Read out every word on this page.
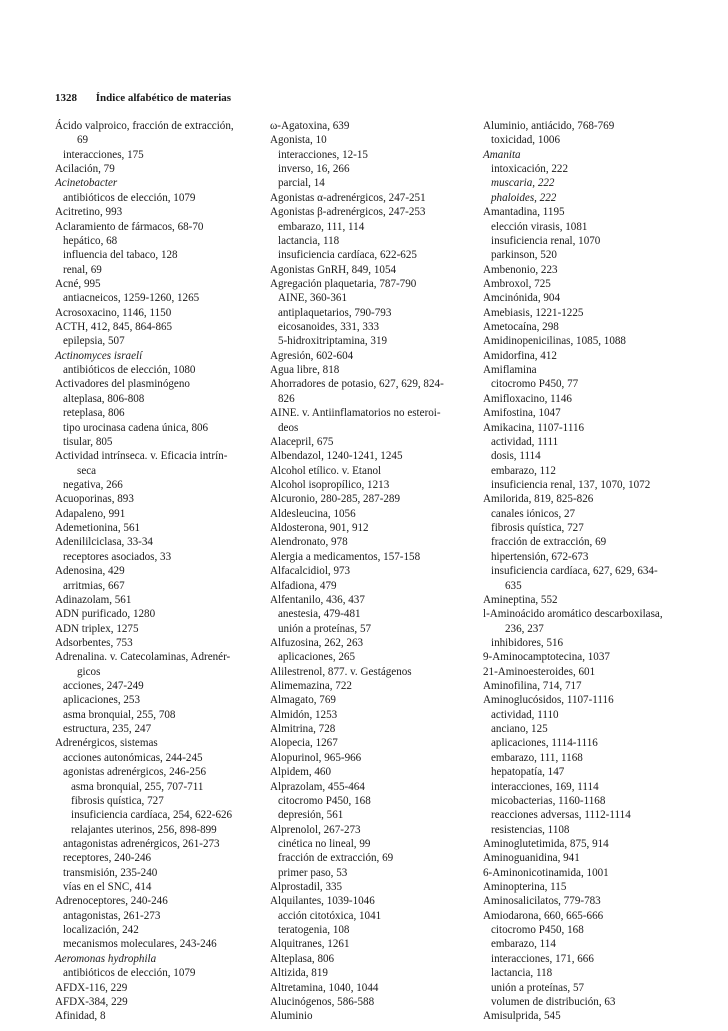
1328 Índice alfabético de materias
Ácido valproico, fracción de extracción,
69
interacciones, 175
Acilación, 79
Acinetobacter
antibióticos de elección, 1079
Acitretino, 993
Aclaramiento de fármacos, 68-70
hepático, 68
influencia del tabaco, 128
renal, 69
Acné, 995
antiacneicos, 1259-1260, 1265
Acrosoxacino, 1146, 1150
ACTH, 412, 845, 864-865
epilepsia, 507
Actinomyces israelí
antibióticos de elección, 1080
Activadores del plasminógeno
alteplasa, 806-808
reteplasa, 806
tipo urocinasa cadena única, 806
tisular, 805
Actividad intrínseca. v. Eficacia intrín-
seca
negativa, 266
Acuoporinas, 893
Adapaleno, 991
Ademetionina, 561
Adenililciclasa, 33-34
receptores asociados, 33
Adenosina, 429
arritmias, 667
Adinazolam, 561
ADN purificado, 1280
ADN triplex, 1275
Adsorbentes, 753
Adrenalina. v. Catecolaminas, Adrenér-
gicos
acciones, 247-249
aplicaciones, 253
asma bronquial, 255, 708
estructura, 235, 247
Adrenérgicos, sistemas
acciones autonómicas, 244-245
agonistas adrenérgicos, 246-256
asma bronquial, 255, 707-711
fibrosis quística, 727
insuficiencia cardíaca, 254, 622-626
relajantes uterinos, 256, 898-899
antagonistas adrenérgicos, 261-273
receptores, 240-246
transmisión, 235-240
vías en el SNC, 414
Adrenoceptores, 240-246
antagonistas, 261-273
localización, 242
mecanismos moleculares, 243-246
Aeromonas hydrophila
antibióticos de elección, 1079
AFDX-116, 229
AFDX-384, 229
Afinidad, 8
ω-Agatoxina, 639
Agonista, 10
interacciones, 12-15
inverso, 16, 266
parcial, 14
Agonistas α-adrenérgicos, 247-251
Agonistas β-adrenérgicos, 247-253
embarazo, 111, 114
lactancia, 118
insuficiencia cardíaca, 622-625
Agonistas GnRH, 849, 1054
Agregación plaquetaria, 787-790
AINE, 360-361
antiplaquetarios, 790-793
eicosanoides, 331, 333
5-hidroxitriptamina, 319
Agresión, 602-604
Agua libre, 818
Ahorradores de potasio, 627, 629, 824-
826
AINE. v. Antiinflamatorios no esteroi-
deos
Alacepril, 675
Albendazol, 1240-1241, 1245
Alcohol etílico. v. Etanol
Alcohol isopropílico, 1213
Alcuronio, 280-285, 287-289
Aldesleucina, 1056
Aldosterona, 901, 912
Alendronato, 978
Alergia a medicamentos, 157-158
Alfacalcidiol, 973
Alfadiona, 479
Alfentanilo, 436, 437
anestesia, 479-481
unión a proteínas, 57
Alfuzosina, 262, 263
aplicaciones, 265
Alilestrenol, 877. v. Gestágenos
Alimemazina, 722
Almagato, 769
Almidón, 1253
Almitrina, 728
Alopecia, 1267
Alopurinol, 965-966
Alpidem, 460
Alprazolam, 455-464
citocromo P450, 168
depresión, 561
Alprenolol, 267-273
cinética no lineal, 99
fracción de extracción, 69
primer paso, 53
Alprostadil, 335
Alquilantes, 1039-1046
acción citotóxica, 1041
teratogenia, 108
Alquitranes, 1261
Alteplasa, 806
Altizida, 819
Altretamina, 1040, 1044
Alucinógenos, 586-588
Aluminio
Aluminio, antiácido, 768-769
toxicidad, 1006
Amanita
intoxicación, 222
muscaria, 222
phaloides, 222
Amantadina, 1195
elección virasis, 1081
insuficiencia renal, 1070
parkinson, 520
Ambenonio, 223
Ambroxol, 725
Amcinónida, 904
Amebiasis, 1221-1225
Ametocaína, 298
Amidinopenicilinas, 1085, 1088
Amidorfina, 412
Amiflamina
citocromo P450, 77
Amifloxacino, 1146
Amifostina, 1047
Amikacina, 1107-1116
actividad, 1111
dosis, 1114
embarazo, 112
insuficiencia renal, 137, 1070, 1072
Amilorida, 819, 825-826
canales iónicos, 27
fibrosis quística, 727
fracción de extracción, 69
hipertensión, 672-673
insuficiencia cardíaca, 627, 629, 634-
635
Amineptina, 552
l-Aminoácido aromático descarboxilasa,
236, 237
inhibidores, 516
9-Aminocamptotecina, 1037
21-Aminoesteroides, 601
Aminofilina, 714, 717
Aminoglucósidos, 1107-1116
actividad, 1110
anciano, 125
aplicaciones, 1114-1116
embarazo, 111, 1168
hepatopatía, 147
interacciones, 169, 1114
micobacterias, 1160-1168
reacciones adversas, 1112-1114
resistencias, 1108
Aminoglutetimida, 875, 914
Aminoguanidina, 941
6-Aminonicotinamida, 1001
Aminopterina, 115
Aminosalicilatos, 779-783
Amiodarona, 660, 665-666
citocromo P450, 168
embarazo, 114
interacciones, 171, 666
lactancia, 118
unión a proteínas, 57
volumen de distribución, 63
Amisulprida, 545
